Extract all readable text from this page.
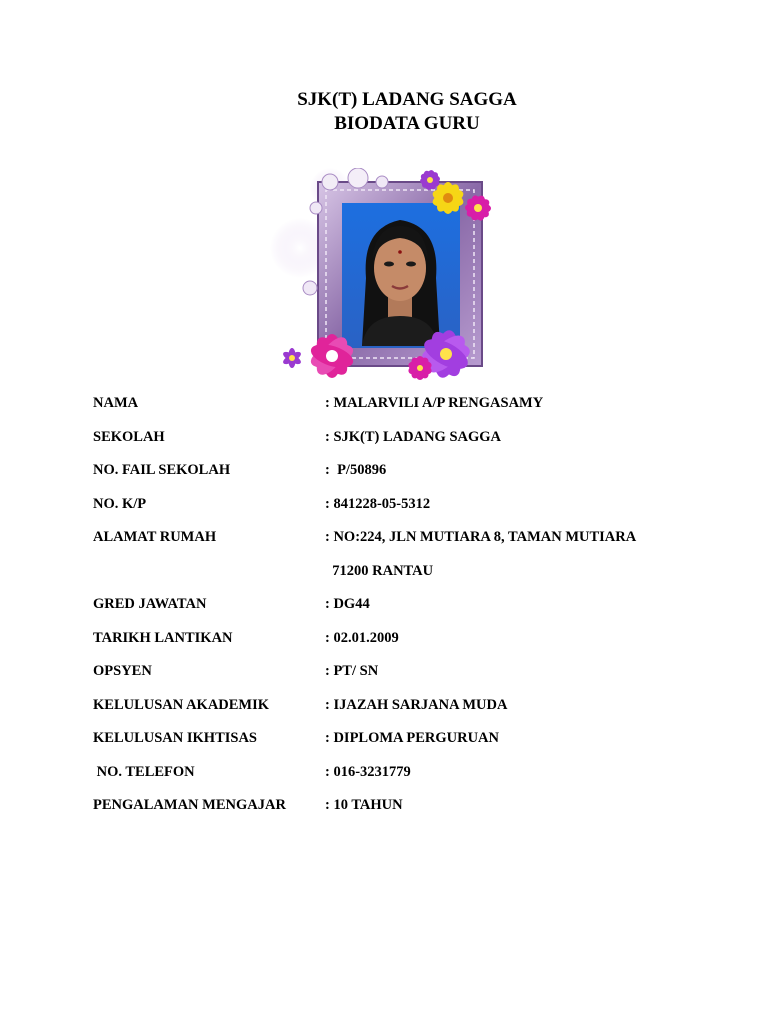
SJK(T) LADANG SAGGA
BIODATA GURU
NAMA	: MALARVILI A/P RENGASAMY
SEKOLAH	: SJK(T) LADANG SAGGA
NO. FAIL SEKOLAH	:  P/50896
NO. K/P	: 841228-05-5312
ALAMAT RUMAH	: NO:224, JLN MUTIARA 8, TAMAN MUTIARA
71200 RANTAU
GRED JAWATAN	: DG44
TARIKH LANTIKAN	: 02.01.2009
OPSYEN	: PT/ SN
KELULUSAN AKADEMIK	: IJAZAH SARJANA MUDA
KELULUSAN IKHTISAS	: DIPLOMA PERGURUAN
NO. TELEFON	: 016-3231779
PENGALAMAN MENGAJAR	: 10 TAHUN
